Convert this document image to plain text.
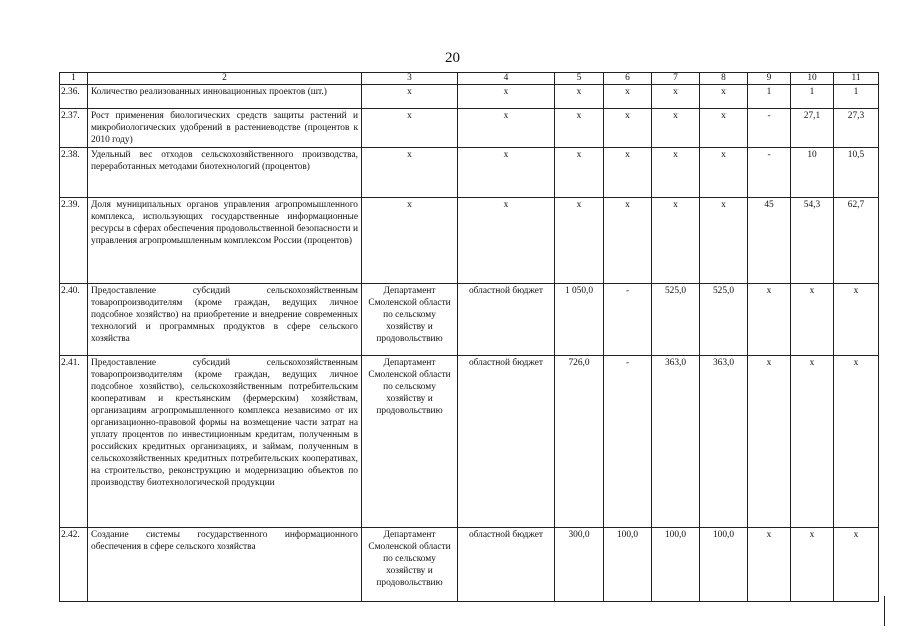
20
1	2	3	4	5	6	7	8	9	10	11
2.36.	Количество реализованных инновационных проектов (шт.)	х	х	х	х	х	х	1	1	1
2.37.	Рост применения биологических средств защиты растений и микробиологических удобрений в растениеводстве (процентов к 2010 году)	х	х	х	х	х	х	-	27,1	27,3
2.38.	Удельный вес отходов сельскохозяйственного производства, переработанных методами биотехнологий (процентов)	х	х	х	х	х	х	-	10	10,5
2.39.	Доля муниципальных органов управления агропромышленного комплекса, использующих государственные информационные ресурсы в сферах обеспечения продовольственной безопасности и управления агропромышленным комплексом России (процентов)	х	х	х	х	х	х	45	54,3	62,7
2.40.	Предоставление субсидий сельскохозяйственным товаропроизводителям (кроме граждан, ведущих личное подсобное хозяйство) на приобретение и внедрение современных технологий и программных продуктов в сфере сельского хозяйства	Департамент Смоленской области по сельскому хозяйству и продовольствию	областной бюджет	1 050,0	-	525,0	525,0	х	х	х
2.41.	Предоставление субсидий сельскохозяйственным товаропроизводителям (кроме граждан, ведущих личное подсобное хозяйство), сельскохозяйственным потребительским кооперативам и крестьянским (фермерским) хозяйствам, организациям агропромышленного комплекса независимо от их организационно-правовой формы на возмещение части затрат на уплату процентов по инвестиционным кредитам, полученным в российских кредитных организациях, и займам, полученным в сельскохозяйственных кредитных потребительских кооперативах, на строительство, реконструкцию и модернизацию объектов по производству биотехнологической продукции	Департамент Смоленской области по сельскому хозяйству и продовольствию	областной бюджет	726,0	-	363,0	363,0	х	х	х
2.42.	Создание системы государственного информационного обеспечения в сфере сельского хозяйства	Департамент Смоленской области по сельскому хозяйству и продовольствию	областной бюджет	300,0	100,0	100,0	100,0	х	х	х
